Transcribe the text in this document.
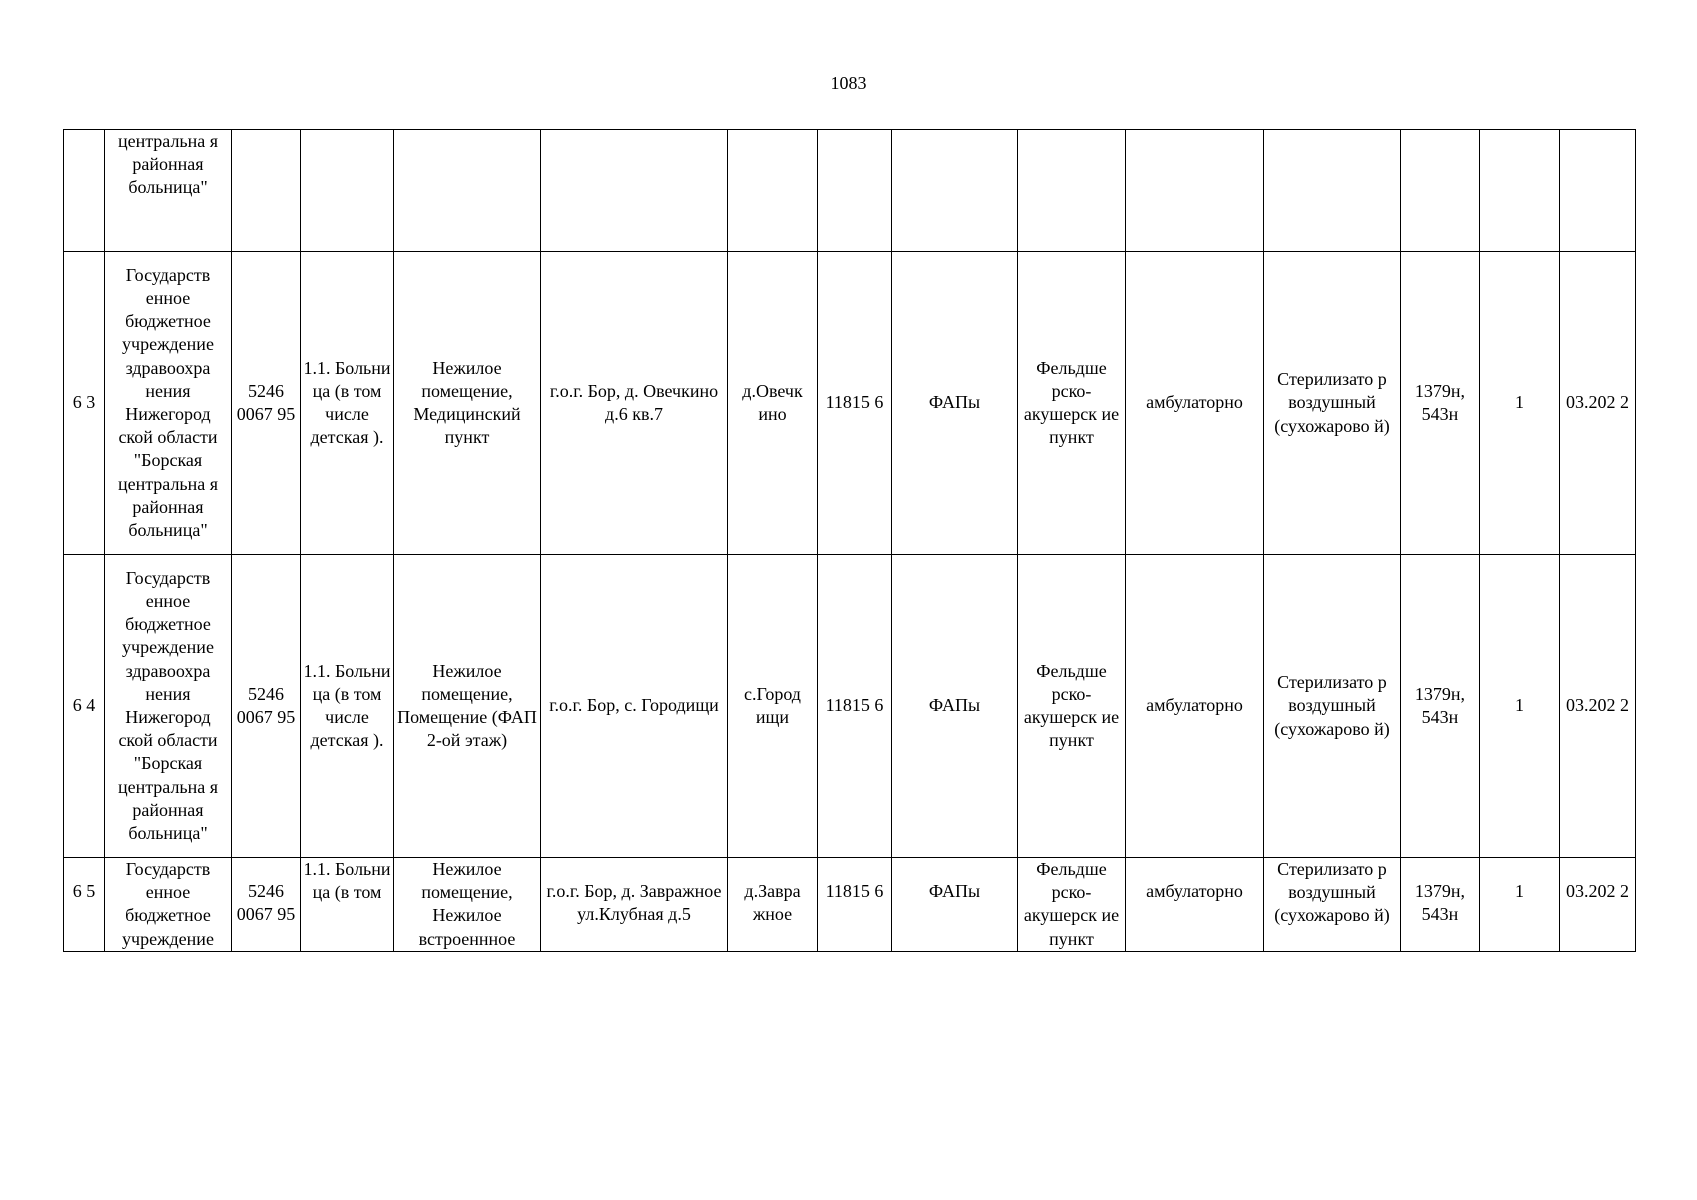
1083
	центральна я районная больница"													
6 3	Государств енное бюджетное учреждение здравоохра нения Нижегород ской области "Борская центральна я районная больница"	5246 0067 95	1.1. Больни ца (в том числе детская ).	Нежилое помещение, Медицинский пункт	г.о.г. Бор, д. Овечкино д.6 кв.7	д.Овечк ино	11815 6	ФАПы	Фельдше рско-акушерск ие пункт	амбулаторно	Стерилизато р воздушный (сухожарово й)	1379н, 543н	1	03.202 2
6 4	Государств енное бюджетное учреждение здравоохра нения Нижегород ской области "Борская центральна я районная больница"	5246 0067 95	1.1. Больни ца (в том числе детская ).	Нежилое помещение, Помещение (ФАП 2-ой этаж)	г.о.г. Бор, с. Городищи	с.Город ищи	11815 6	ФАПы	Фельдше рско-акушерск ие пункт	амбулаторно	Стерилизато р воздушный (сухожарово й)	1379н, 543н	1	03.202 2
6 5	Государств енное бюджетное учреждение	5246 0067 95	1.1. Больни ца (в том	Нежилое помещение, Нежилое встроеннное	г.о.г. Бор, д. Завражное ул.Клубная д.5	д.Завра жное	11815 6	ФАПы	Фельдше рско-акушерск ие пункт	амбулаторно	Стерилизато р воздушный (сухожарово й)	1379н, 543н	1	03.202 2
